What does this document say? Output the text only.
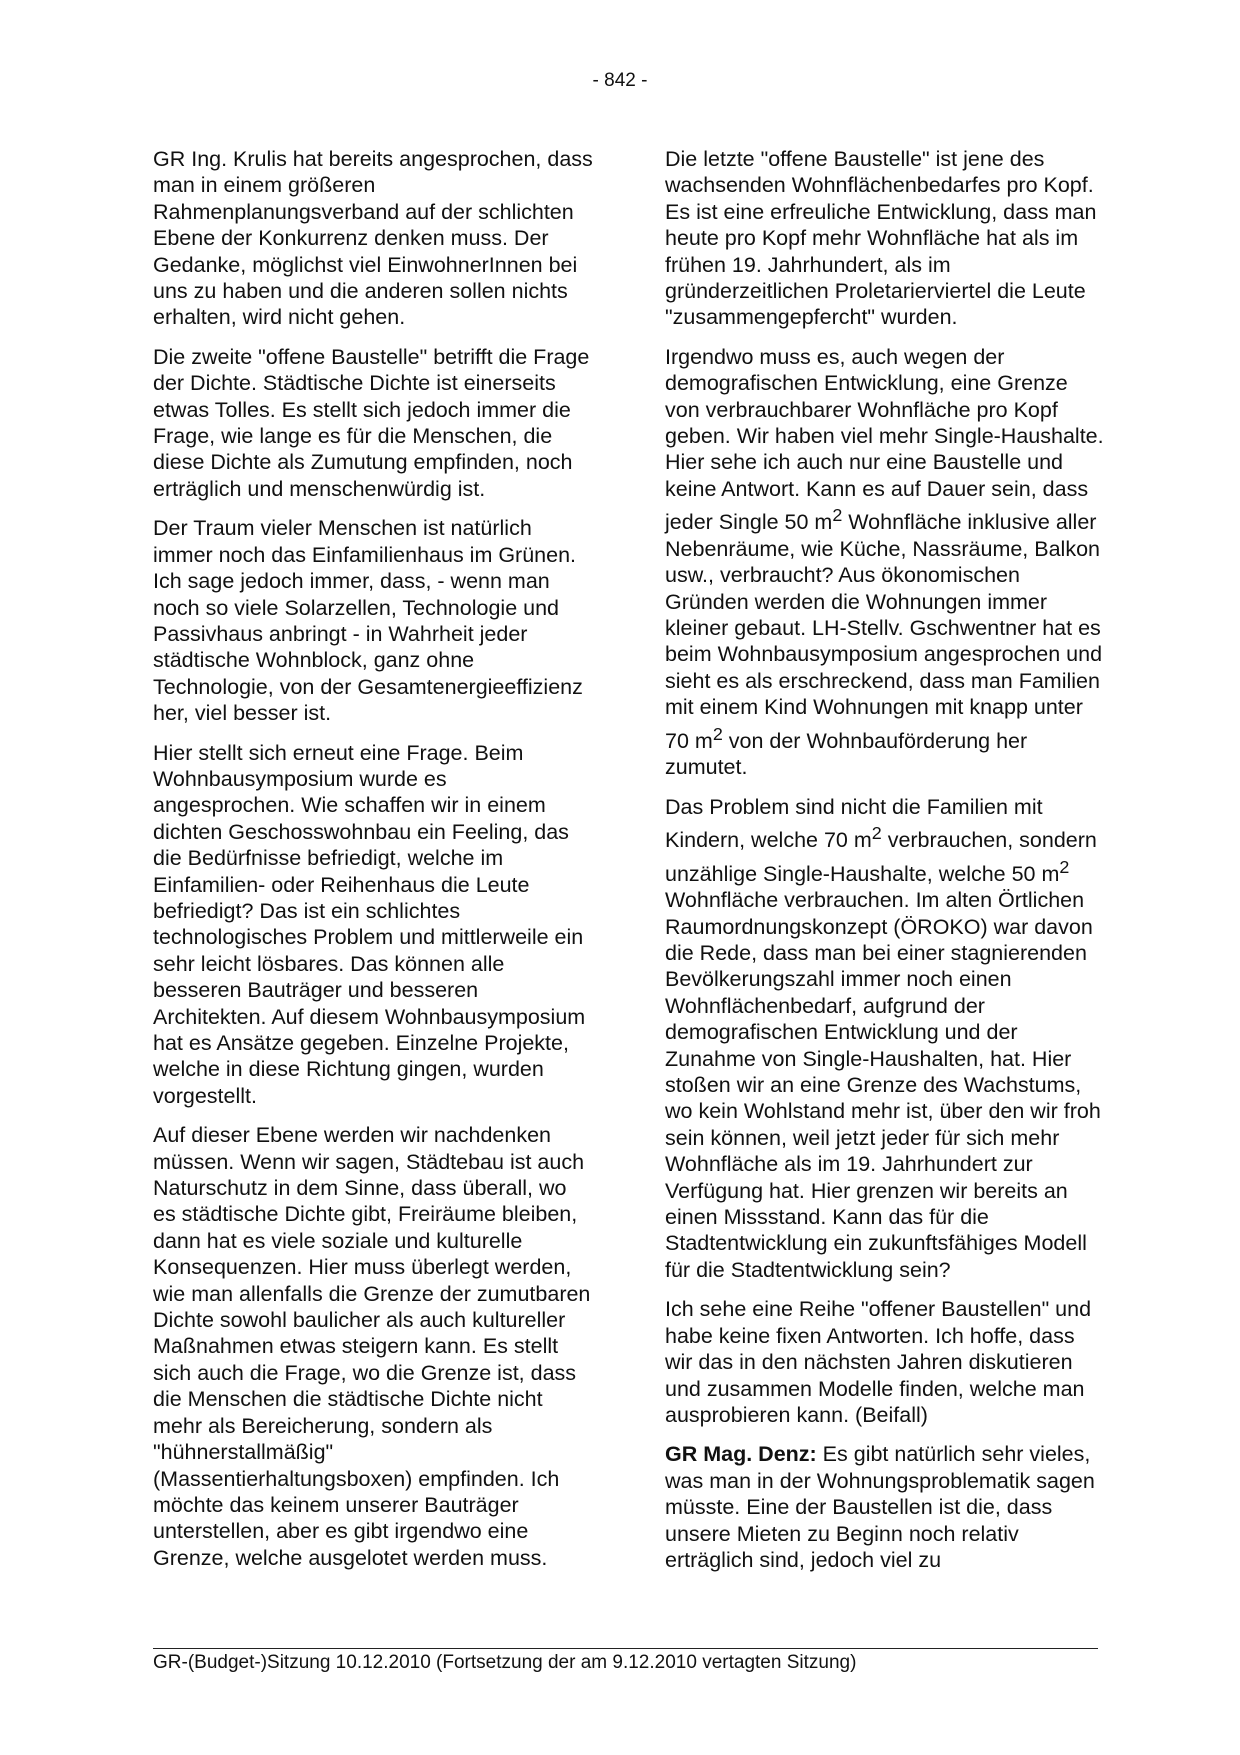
- 842 -

GR Ing. Krulis hat bereits angesprochen, dass man in einem größeren Rahmenplanungsverband auf der schlichten Ebene der Konkurrenz denken muss. Der Gedanke, möglichst viel EinwohnerInnen bei uns zu haben und die anderen sollen nichts erhalten, wird nicht gehen.

Die zweite "offene Baustelle" betrifft die Frage der Dichte. Städtische Dichte ist einerseits etwas Tolles. Es stellt sich jedoch immer die Frage, wie lange es für die Menschen, die diese Dichte als Zumutung empfinden, noch erträglich und menschenwürdig ist.

Der Traum vieler Menschen ist natürlich immer noch das Einfamilienhaus im Grünen. Ich sage jedoch immer, dass, - wenn man noch so viele Solarzellen, Technologie und Passivhaus anbringt - in Wahrheit jeder städtische Wohnblock, ganz ohne Technologie, von der Gesamtenergieeffizienz her, viel besser ist.

Hier stellt sich erneut eine Frage. Beim Wohnbausymposium wurde es angesprochen. Wie schaffen wir in einem dichten Geschosswohnbau ein Feeling, das die Bedürfnisse befriedigt, welche im Einfamilien- oder Reihenhaus die Leute befriedigt? Das ist ein schlichtes technologisches Problem und mittlerweile ein sehr leicht lösbares. Das können alle besseren Bauträger und besseren Architekten. Auf diesem Wohnbausymposium hat es Ansätze gegeben. Einzelne Projekte, welche in diese Richtung gingen, wurden vorgestellt.

Auf dieser Ebene werden wir nachdenken müssen. Wenn wir sagen, Städtebau ist auch Naturschutz in dem Sinne, dass überall, wo es städtische Dichte gibt, Freiräume bleiben, dann hat es viele soziale und kulturelle Konsequenzen. Hier muss überlegt werden, wie man allenfalls die Grenze der zumutbaren Dichte sowohl baulicher als auch kultureller Maßnahmen etwas steigern kann. Es stellt sich auch die Frage, wo die Grenze ist, dass die Menschen die städtische Dichte nicht mehr als Bereicherung, sondern als "hühnerstallmäßig" (Massentierhaltungsboxen) empfinden. Ich möchte das keinem unserer Bauträger unterstellen, aber es gibt irgendwo eine Grenze, welche ausgelotet werden muss.

Die letzte "offene Baustelle" ist jene des wachsenden Wohnflächenbedarfes pro Kopf. Es ist eine erfreuliche Entwicklung, dass man heute pro Kopf mehr Wohnfläche hat als im frühen 19. Jahrhundert, als im gründerzeitlichen Proletarierviertel die Leute "zusammengepfercht" wurden.

Irgendwo muss es, auch wegen der demografischen Entwicklung, eine Grenze von verbrauchbarer Wohnfläche pro Kopf geben. Wir haben viel mehr Single-Haushalte. Hier sehe ich auch nur eine Baustelle und keine Antwort. Kann es auf Dauer sein, dass jeder Single 50 $m^2$ Wohnfläche inklusive aller Nebenräume, wie Küche, Nassräume, Balkon usw., verbraucht? Aus ökonomischen Gründen werden die Wohnungen immer kleiner gebaut. LH-Stellv. Gschwentner hat es beim Wohnbausymposium angesprochen und sieht es als erschreckend, dass man Familien mit einem Kind Wohnungen mit knapp unter 70 $m^2$ von der Wohnbauförderung her zumutet.

Das Problem sind nicht die Familien mit Kindern, welche 70 $m^2$ verbrauchen, sondern unzählige Single-Haushalte, welche 50 $m^2$ Wohnfläche verbrauchen. Im alten Örtlichen Raumordnungskonzept (ÖROKO) war davon die Rede, dass man bei einer stagnierenden Bevölkerungszahl immer noch einen Wohnflächenbedarf, aufgrund der demografischen Entwicklung und der Zunahme von Single-Haushalten, hat. Hier stoßen wir an eine Grenze des Wachstums, wo kein Wohlstand mehr ist, über den wir froh sein können, weil jetzt jeder für sich mehr Wohnfläche als im 19. Jahrhundert zur Verfügung hat. Hier grenzen wir bereits an einen Missstand. Kann das für die Stadtentwicklung ein zukunftsfähiges Modell für die Stadtentwicklung sein?

Ich sehe eine Reihe "offener Baustellen" und habe keine fixen Antworten. Ich hoffe, dass wir das in den nächsten Jahren diskutieren und zusammen Modelle finden, welche man ausprobieren kann. (Beifall)

GR Mag. Denz: Es gibt natürlich sehr vieles, was man in der Wohnungsproblematik sagen müsste. Eine der Baustellen ist die, dass unsere Mieten zu Beginn noch relativ erträglich sind, jedoch viel zu

GR-(Budget-)Sitzung 10.12.2010 (Fortsetzung der am 9.12.2010 vertagten Sitzung)
